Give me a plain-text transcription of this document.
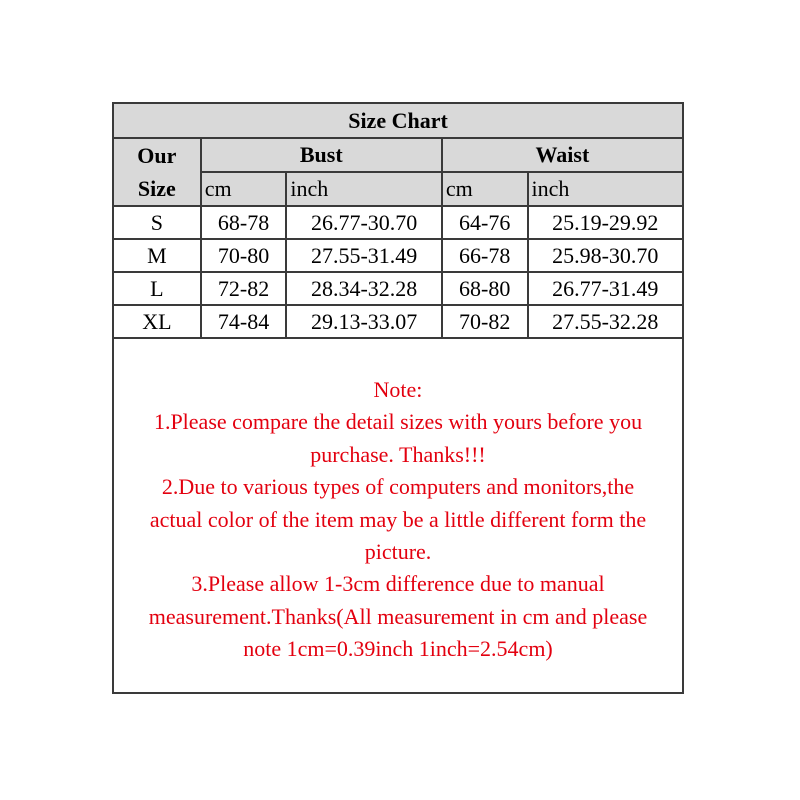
Size Chart				

Our
Size	Bust		Waist	
	cm	inch	cm	inch
S	68-78	26.77-30.70	64-76	25.19-29.92
M	70-80	27.55-31.49	66-78	25.98-30.70
L	72-82	28.34-32.28	68-80	26.77-31.49
XL	74-84	29.13-33.07	70-82	27.55-32.28
Note:
1.Please compare the detail sizes with yours before you
purchase. Thanks!!!
2.Due to various types of computers and monitors,the
actual color of the item may be a little different form the
picture.
3.Please allow 1-3cm difference due to manual
measurement.Thanks(All measurement in cm and please
note 1cm=0.39inch 1inch=2.54cm)
